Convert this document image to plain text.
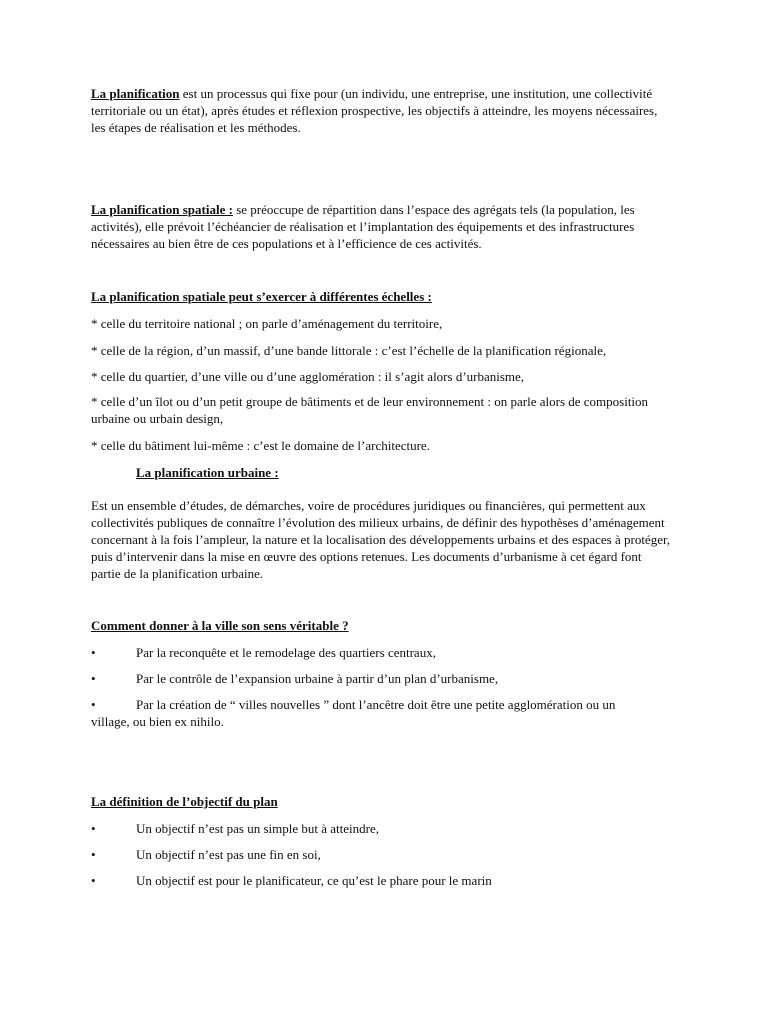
La planification est un processus qui fixe pour (un individu, une entreprise, une institution, une collectivité territoriale ou un état), après études et réflexion prospective, les objectifs à atteindre, les moyens nécessaires, les étapes de réalisation et les méthodes.

La planification spatiale : se préoccupe de répartition dans l’espace des agrégats tels (la population, les activités), elle prévoit l’échéancier de réalisation et l’implantation des équipements et des infrastructures nécessaires au bien être de ces populations et à l’efficience de ces activités.

La planification spatiale peut s’exercer à différentes échelles :
* celle du territoire national ; on parle d’aménagement du territoire,
* celle de la région, d’un massif, d’une bande littorale : c’est l’échelle de la planification régionale,
* celle du quartier, d’une ville ou d’une agglomération : il s’agit alors d’urbanisme,
* celle d’un îlot ou d’un petit groupe de bâtiments et de leur environnement : on parle alors de composition urbaine ou urbain design,
* celle du bâtiment lui-même : c’est le domaine de l’architecture.
La planification urbaine :

Est un ensemble d’études, de démarches, voire de procédures juridiques ou financières, qui permettent aux collectivités publiques de connaître l’évolution des milieux urbains, de définir des hypothèses d’aménagement concernant à la fois l’ampleur, la nature et la localisation des développements urbains et des espaces à protéger, puis d’intervenir dans la mise en œuvre des options retenues. Les documents d’urbanisme à cet égard font partie de la planification urbaine.

Comment donner à la ville son sens véritable ?
•	Par la reconquête et le remodelage des quartiers centraux,
•	Par le contrôle de l’expansion urbaine à partir d’un plan d’urbanisme,
•	Par la création de “ villes nouvelles ” dont l’ancêtre doit être une petite agglomération ou un
village, ou bien ex nihilo.
La définition de l’objectif du plan
•	Un objectif n’est pas un simple but à atteindre,
•	Un objectif n’est pas une fin en soi,
•	Un objectif est pour le planificateur, ce qu’est le phare pour le marin
